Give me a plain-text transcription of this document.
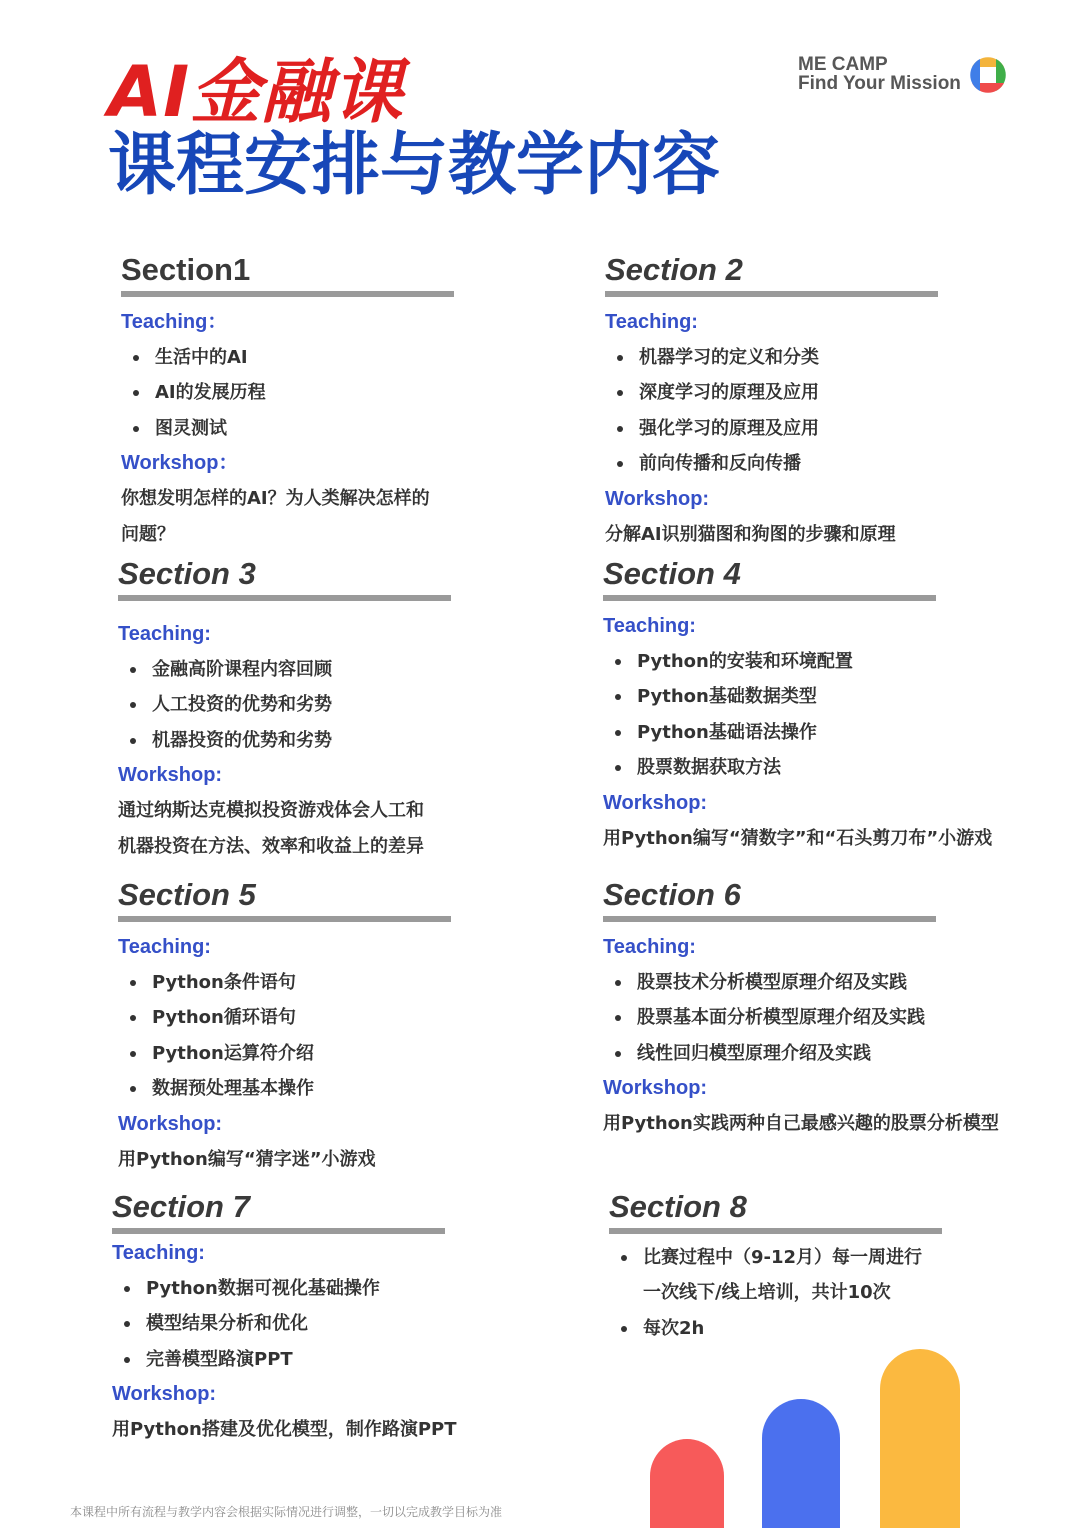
AI金融课
课程安排与教学内容
ME CAMP
Find Your Mission
Section1
Teaching：
生活中的AI
AI的发展历程
图灵测试
Workshop：
你想发明怎样的AI？为人类解决怎样的
问题？
Section 2
Teaching:
机器学习的定义和分类
深度学习的原理及应用
强化学习的原理及应用
前向传播和反向传播
Workshop:
分解AI识别猫图和狗图的步骤和原理
Section 3
Teaching:
金融高阶课程内容回顾
人工投资的优势和劣势
机器投资的优势和劣势
Workshop:
通过纳斯达克模拟投资游戏体会人工和
机器投资在方法、效率和收益上的差异
Section 4
Teaching:
Python的安装和环境配置
Python基础数据类型
Python基础语法操作
股票数据获取方法
Workshop:
用Python编写“猜数字”和“石头剪刀布”小游戏
Section 5
Teaching:
Python条件语句
Python循环语句
Python运算符介绍
数据预处理基本操作
Workshop:
用Python编写“猜字迷”小游戏
Section 6
Teaching:
股票技术分析模型原理介绍及实践
股票基本面分析模型原理介绍及实践
线性回归模型原理介绍及实践
Workshop:
用Python实践两种自己最感兴趣的股票分析模型
Section 7
Teaching:
Python数据可视化基础操作
模型结果分析和优化
完善模型路演PPT
Workshop:
用Python搭建及优化模型，制作路演PPT
Section 8
比赛过程中（9-12月）每一周进行
一次线下/线上培训，共计10次
每次2h
本课程中所有流程与教学内容会根据实际情况进行调整，一切以完成教学目标为准
